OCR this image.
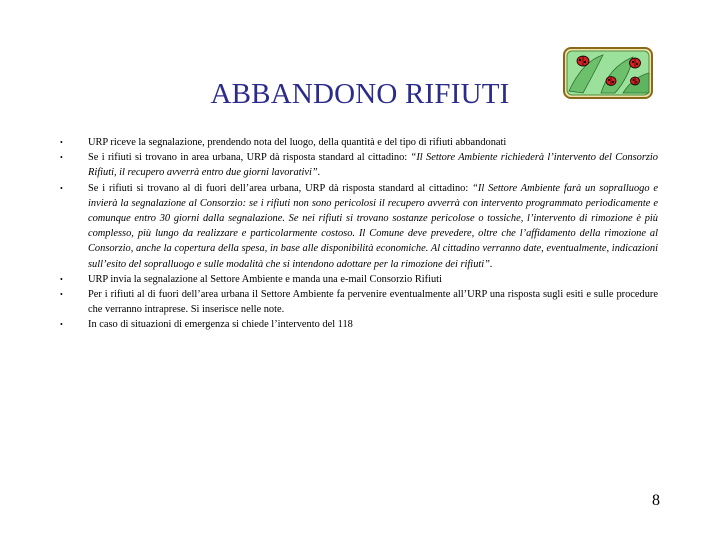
ABBANDONO RIFIUTI
• URP riceve la segnalazione, prendendo nota del luogo, della quantità e del tipo di rifiuti abbandonati
• Se i rifiuti si trovano in area urbana, URP dà risposta standard al cittadino: “Il Settore Ambiente richiederà l’intervento del Consorzio Rifiuti, il recupero avverrà entro due giorni lavorativi”.
• Se i rifiuti si trovano al di fuori dell’area urbana, URP dà risposta standard al cittadino: “Il Settore Ambiente farà un sopralluogo e invierà la segnalazione al Consorzio: se i rifiuti non sono pericolosi il recupero avverrà con intervento programmato periodicamente e comunque entro 30 giorni dalla segnalazione. Se nei rifiuti si trovano sostanze pericolose o tossiche, l’intervento di rimozione è più complesso, più lungo da realizzare e particolarmente costoso. Il Comune deve prevedere, oltre che l’affidamento della rimozione al Consorzio, anche la copertura della spesa, in base alle disponibilità economiche. Al cittadino verranno date, eventualmente, indicazioni sull’esito del sopralluogo e sulle modalità che si intendono adottare per la rimozione dei rifiuti”.
• URP invia la segnalazione al Settore Ambiente e manda una e-mail Consorzio Rifiuti
• Per i rifiuti al di fuori dell’area urbana il Settore Ambiente fa pervenire eventualmente all’URP una risposta sugli esiti e sulle procedure che verranno intraprese. Si inserisce nelle note.
• In caso di situazioni di emergenza si chiede l’intervento del 118
8
